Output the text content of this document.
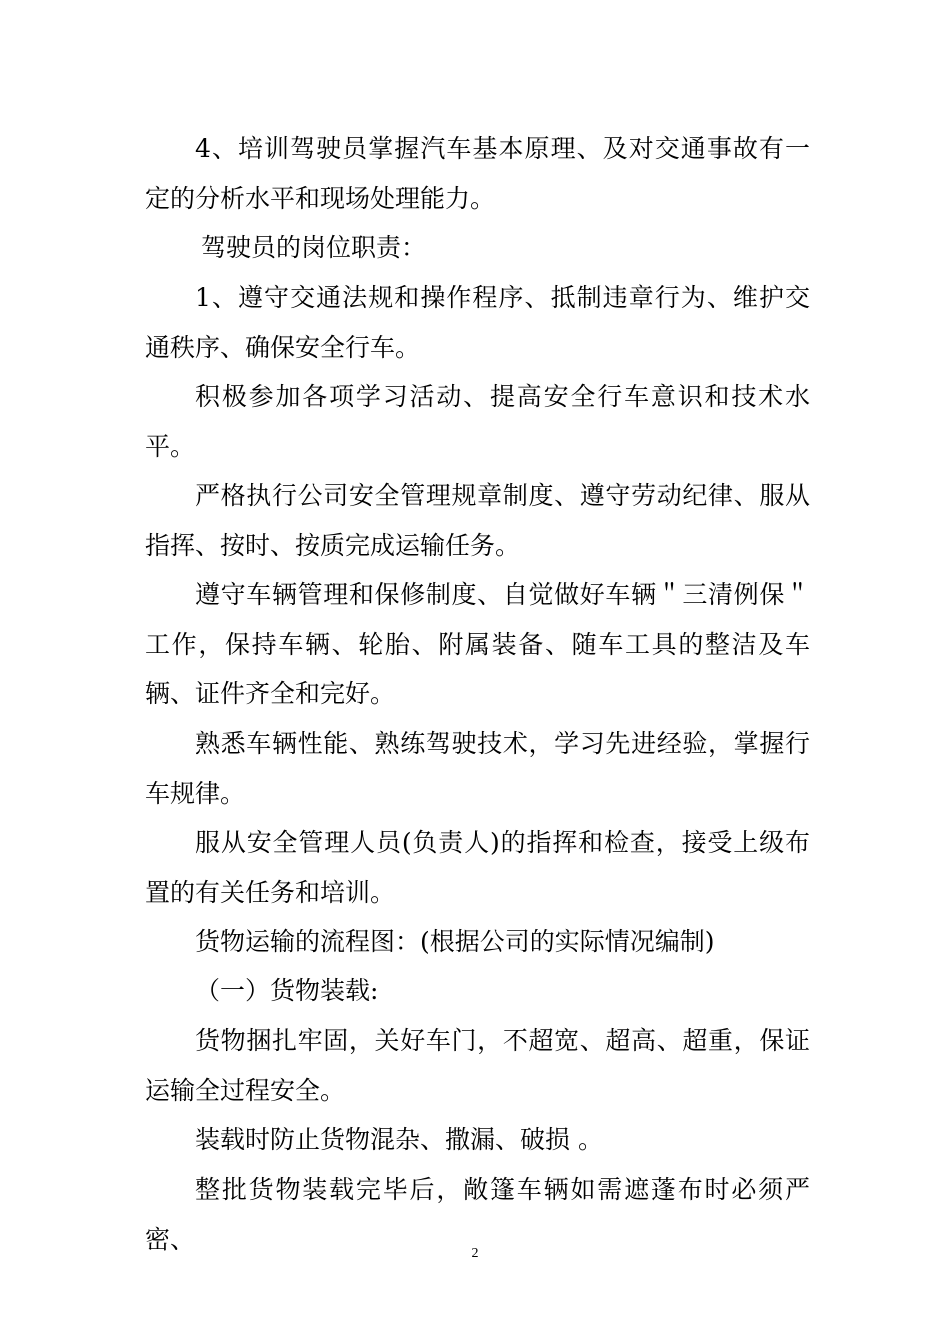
4、培训驾驶员掌握汽车基本原理、及对交通事故有一定的分析水平和现场处理能力。

驾驶员的岗位职责：

1、遵守交通法规和操作程序、抵制违章行为、维护交通秩序、确保安全行车。

积极参加各项学习活动、提高安全行车意识和技术水平。

严格执行公司安全管理规章制度、遵守劳动纪律、服从指挥、按时、按质完成运输任务。

遵守车辆管理和保修制度、自觉做好车辆＂三清例保＂工作，保持车辆、轮胎、附属装备、随车工具的整洁及车辆、证件齐全和完好。

熟悉车辆性能、熟练驾驶技术，学习先进经验，掌握行车规律。

服从安全管理人员(负责人)的指挥和检查，接受上级布置的有关任务和培训。

货物运输的流程图：(根据公司的实际情况编制)

（一）货物装载:

货物捆扎牢固，关好车门，不超宽、超高、超重，保证运输全过程安全。

装载时防止货物混杂、撒漏、破损 。

整批货物装载完毕后，敞篷车辆如需遮蓬布时必须严密、	2
